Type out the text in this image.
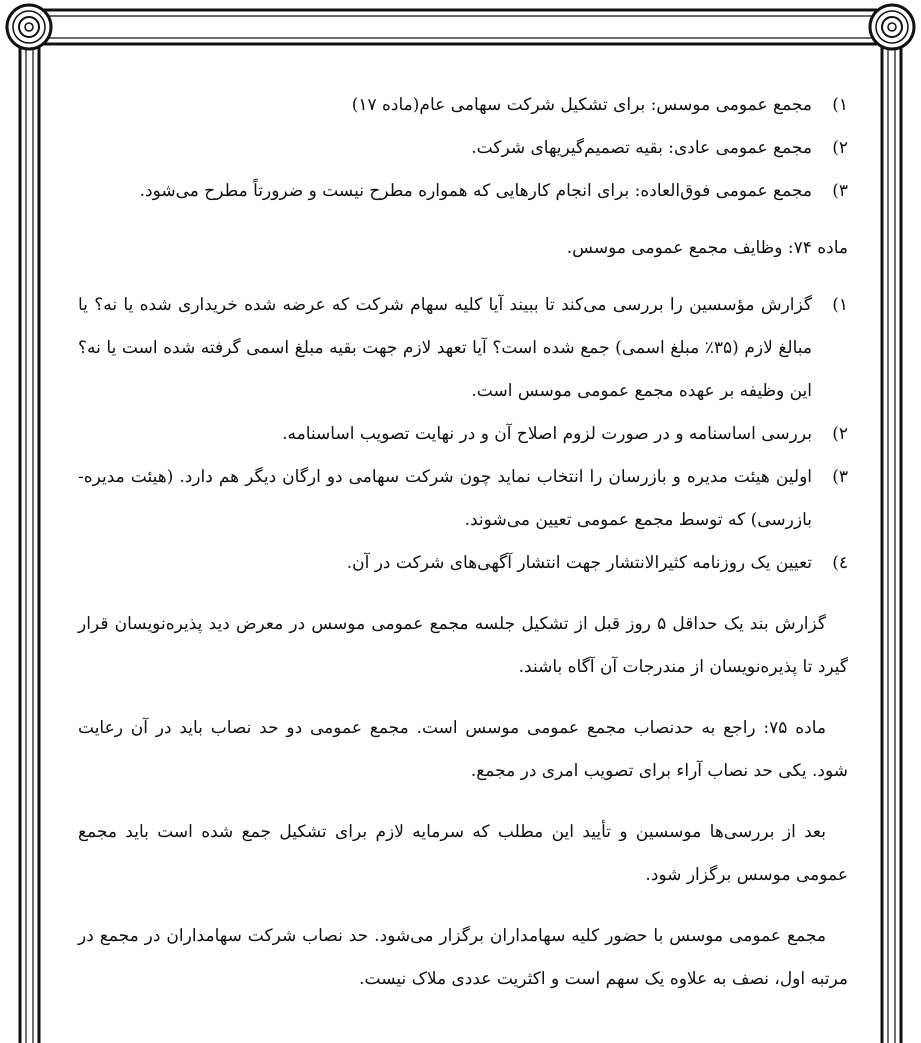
۱)
مجمع عمومی موسس: برای تشکیل شرکت سهامی عام(ماده ۱۷)
۲)
مجمع عمومی عادی: بقیه تصمیم‌گیریهای شرکت.
۳)
مجمع عمومی فوق‌العاده: برای انجام کارهایی که همواره مطرح نیست و ضرورتاً مطرح می‌شود.

ماده ۷۴: وظایف مجمع عمومی موسس.

۱)
گزارش مؤسسین را بررسی می‌کند تا ببیند آیا کلیه سهام شرکت که عرضه شده خریداری شده یا نه؟ یا مبالغ لازم (۳۵٪ مبلغ اسمی) جمع شده است؟ آیا تعهد لازم جهت بقیه مبلغ اسمی گرفته شده است یا نه؟ این وظیفه بر عهده مجمع عمومی موسس است.
۲)
بررسی اساسنامه و در صورت لزوم اصلاح آن و در نهایت تصویب اساسنامه.
۳)
اولین هیئت مدیره و بازرسان را انتخاب نماید چون شرکت سهامی دو ارگان دیگر هم دارد. (هیئت مدیره- بازرسی) که توسط مجمع عمومی تعیین می‌شوند.
٤)
تعیین یک روزنامه کثیرالانتشار جهت انتشار آگهی‌های شرکت در آن.

گزارش بند یک حداقل ۵ روز قبل از تشکیل جلسه مجمع عمومی موسس در معرض دید پذیره‌نویسان قرار گیرد تا پذیره‌نویسان از مندرجات آن آگاه باشند.

ماده ۷۵: راجع به حدنصاب مجمع عمومی موسس است. مجمع عمومی دو حد نصاب باید در آن رعایت شود. یکی حد نصاب آراء برای تصویب امری در مجمع.

بعد از بررسی‌ها موسسین و تأیید این مطلب که سرمایه لازم برای تشکیل جمع شده است باید مجمع عمومی موسس برگزار شود.

مجمع عمومی موسس با حضور کلیه سهامداران برگزار می‌شود. حد نصاب شرکت سهامداران در مجمع در مرتبه اول، نصف به علاوه یک سهم است و اکثریت عددی ملاک نیست.
